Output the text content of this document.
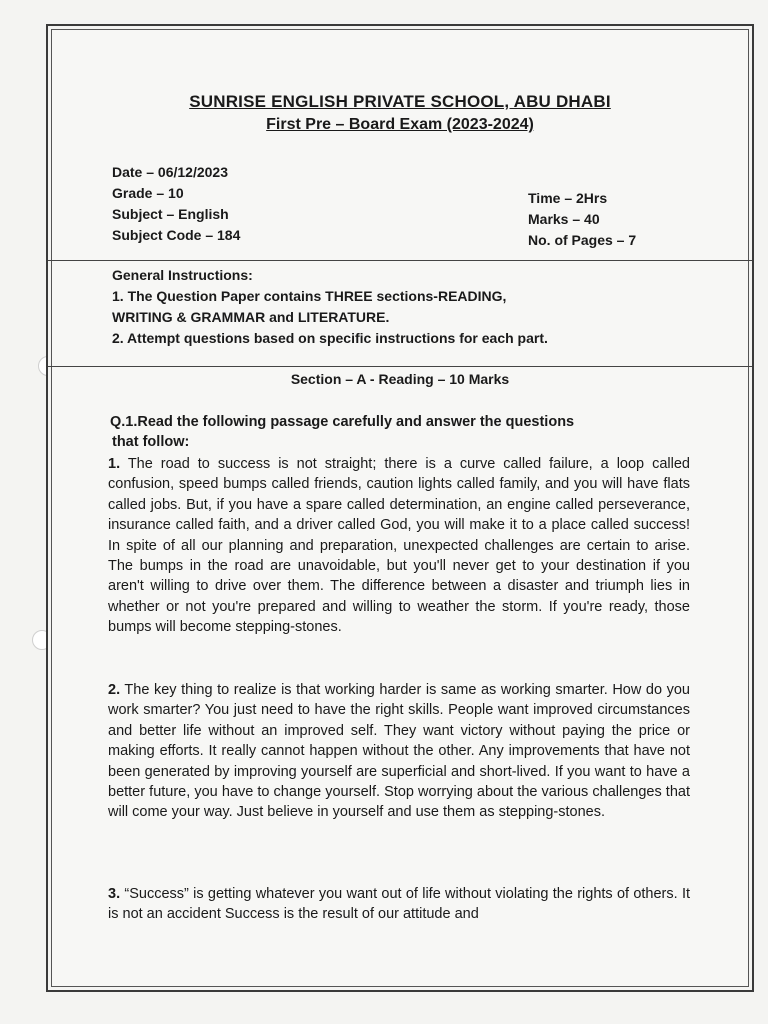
SUNRISE ENGLISH PRIVATE SCHOOL, ABU DHABI
First Pre – Board Exam (2023-2024)
Date – 06/12/2023
Grade – 10
Subject – English
Subject Code – 184
Time – 2Hrs
Marks – 40
No. of Pages – 7
General Instructions:
1. The Question Paper contains THREE sections-READING,
WRITING & GRAMMAR and LITERATURE.
2. Attempt questions based on specific instructions for each part.
Section – A - Reading – 10 Marks
Q.1.Read the following passage carefully and answer the questions
that follow:
1. The road to success is not straight; there is a curve called failure, a loop called confusion, speed bumps called friends, caution lights called family, and you will have flats called jobs. But, if you have a spare called determination, an engine called perseverance, insurance called faith, and a driver called God, you will make it to a place called success! In spite of all our planning and preparation, unexpected challenges are certain to arise. The bumps in the road are unavoidable, but you'll never get to your destination if you aren't willing to drive over them. The difference between a disaster and triumph lies in whether or not you're prepared and willing to weather the storm. If you're ready, those bumps will become stepping-stones.
2. The key thing to realize is that working harder is same as working smarter. How do you work smarter? You just need to have the right skills. People want improved circumstances and better life without an improved self. They want victory without paying the price or making efforts. It really cannot happen without the other. Any improvements that have not been generated by improving yourself are superficial and short-lived. If you want to have a better future, you have to change yourself. Stop worrying about the various challenges that will come your way. Just believe in yourself and use them as stepping-stones.
3. “Success” is getting whatever you want out of life without violating the rights of others. It is not an accident Success is the result of our attitude and
